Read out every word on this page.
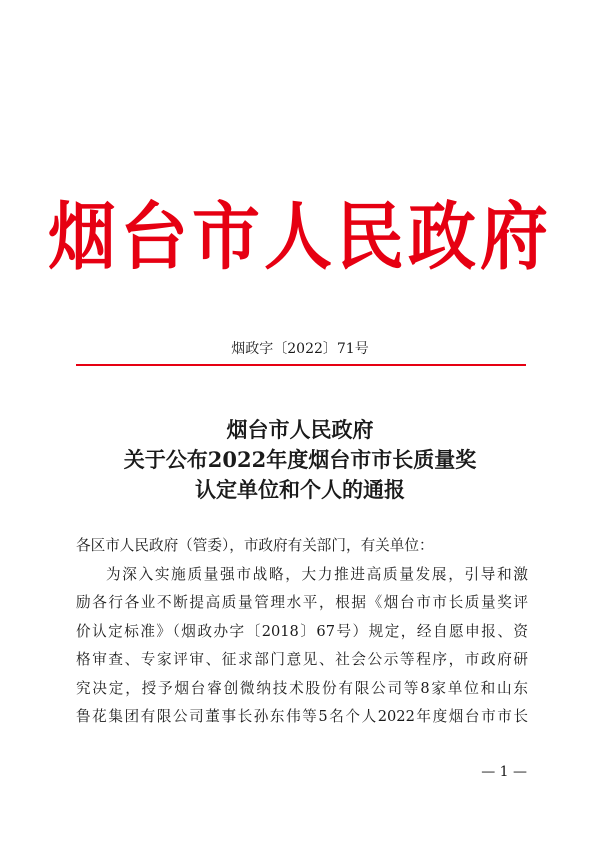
烟台市人民政府
烟政字〔2022〕71号
烟台市人民政府
关于公布2022年度烟台市市长质量奖
认定单位和个人的通报

各区市人民政府（管委），市政府有关部门，有关单位：

为深入实施质量强市战略，大力推进高质量发展，引导和激
励各行各业不断提高质量管理水平，根据《烟台市市长质量奖评
价认定标准》（烟政办字〔2018〕67号）规定，经自愿申报、资
格审查、专家评审、征求部门意见、社会公示等程序，市政府研
究决定，授予烟台睿创微纳技术股份有限公司等8家单位和山东
鲁花集团有限公司董事长孙东伟等5名个人2022年度烟台市市长
— 1 —
